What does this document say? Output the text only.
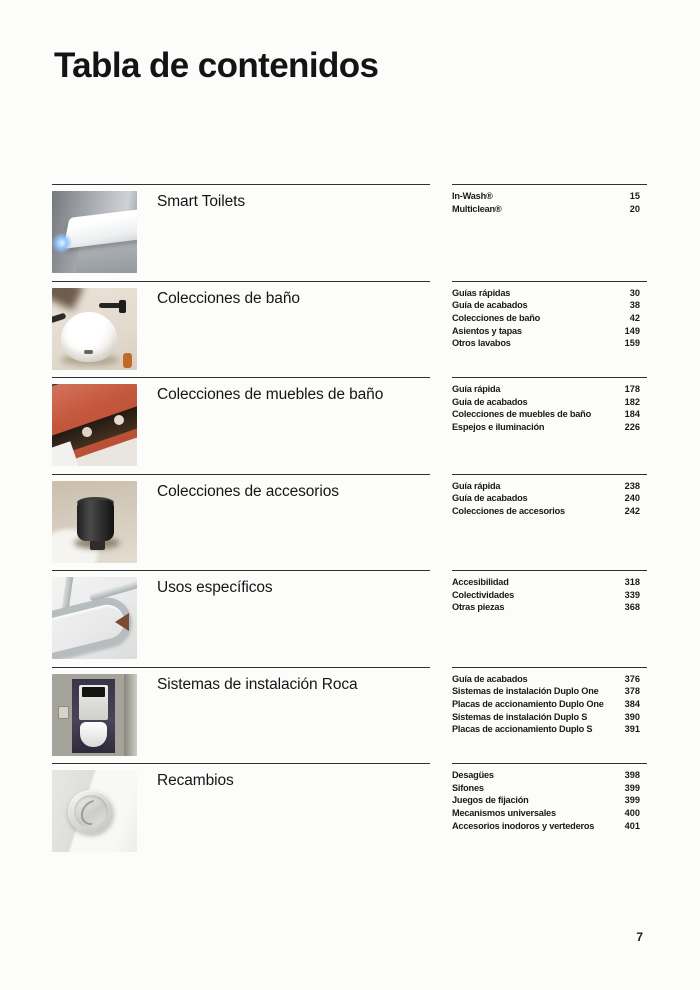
Tabla de contenidos
Smart Toilets	In-Wash®	15
Multiclean®	20
Colecciones de baño	Guías rápidas	30
Guía de acabados	38
Colecciones de baño	42
Asientos y tapas	149
Otros lavabos	159
Colecciones de muebles de baño	Guía rápida	178
Guía de acabados	182
Colecciones de muebles de baño	184
Espejos e iluminación	226
Colecciones de accesorios	Guía rápida	238
Guía de acabados	240
Colecciones de accesorios	242
Usos específicos	Accesibilidad	318
Colectividades	339
Otras piezas	368
Sistemas de instalación Roca	Guía de acabados	376
Sistemas de instalación Duplo One	378
Placas de accionamiento Duplo One 384
Sistemas de instalación Duplo S	390
Placas de accionamiento Duplo S	391
Recambios	Desagües	398
Sifones	399
Juegos de fijación	399
Mecanismos universales	400
Accesorios inodoros y vertederos	401
7
